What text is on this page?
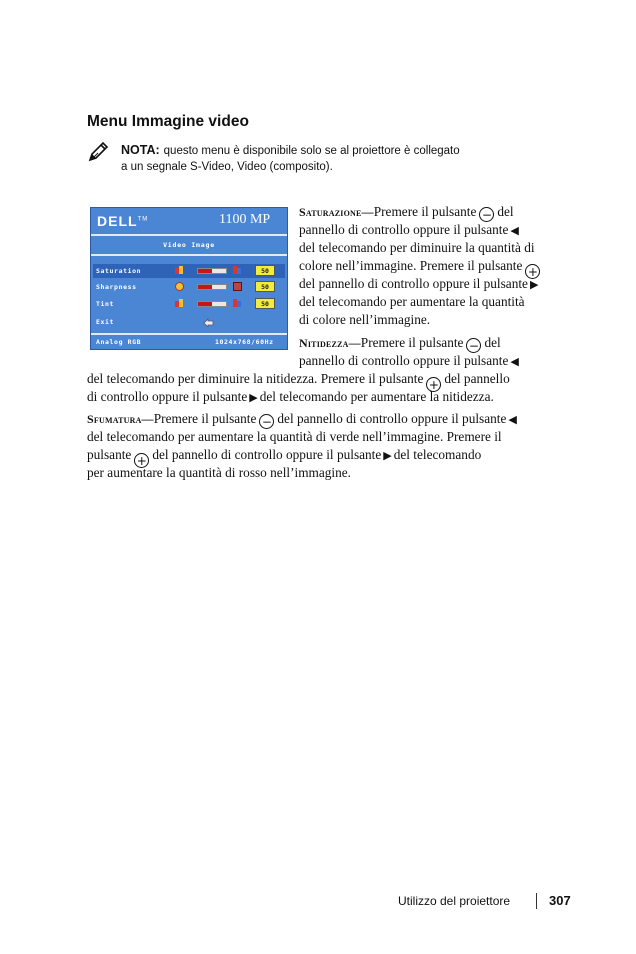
Menu Immagine video
NOTA: questo menu è disponibile solo se al proiettore è collegato
a un segnale S-Video, Video (composito).
DELL™	1100 MP
Video Image
Saturation	50
Sharpness	50
Tint	50
Exit
Analog RGB	1024x768/60Hz
Saturazione—Premere il pulsante − del
pannello di controllo oppure il pulsante ◀
del telecomando per diminuire la quantità di
colore nell’immagine. Premere il pulsante +
del pannello di controllo oppure il pulsante ▶
del telecomando per aumentare la quantità
di colore nell’immagine.
Nitidezza—Premere il pulsante − del
pannello di controllo oppure il pulsante ◀
del telecomando per diminuire la nitidezza. Premere il pulsante + del pannello
di controllo oppure il pulsante ▶ del telecomando per aumentare la nitidezza.
Sfumatura—Premere il pulsante − del pannello di controllo oppure il pulsante ◀
del telecomando per aumentare la quantità di verde nell’immagine. Premere il
pulsante + del pannello di controllo oppure il pulsante ▶ del telecomando
per aumentare la quantità di rosso nell’immagine.
Utilizzo del proiettore	307
